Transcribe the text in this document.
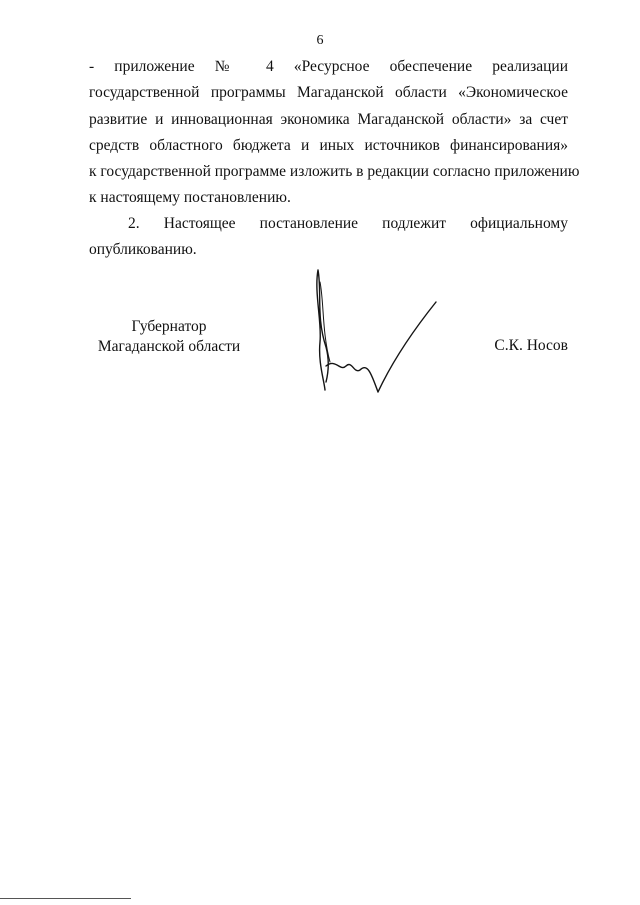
6
- приложение № 4 «Ресурсное обеспечение реализации
государственной программы Магаданской области «Экономическое
развитие и инновационная экономика Магаданской области» за счет
средств областного бюджета и иных источников финансирования»
к государственной программе изложить в редакции согласно приложению
к настоящему постановлению.
2. Настоящее постановление подлежит официальному
опубликованию.
Губернатор
Магаданской области	С.К. Носов
